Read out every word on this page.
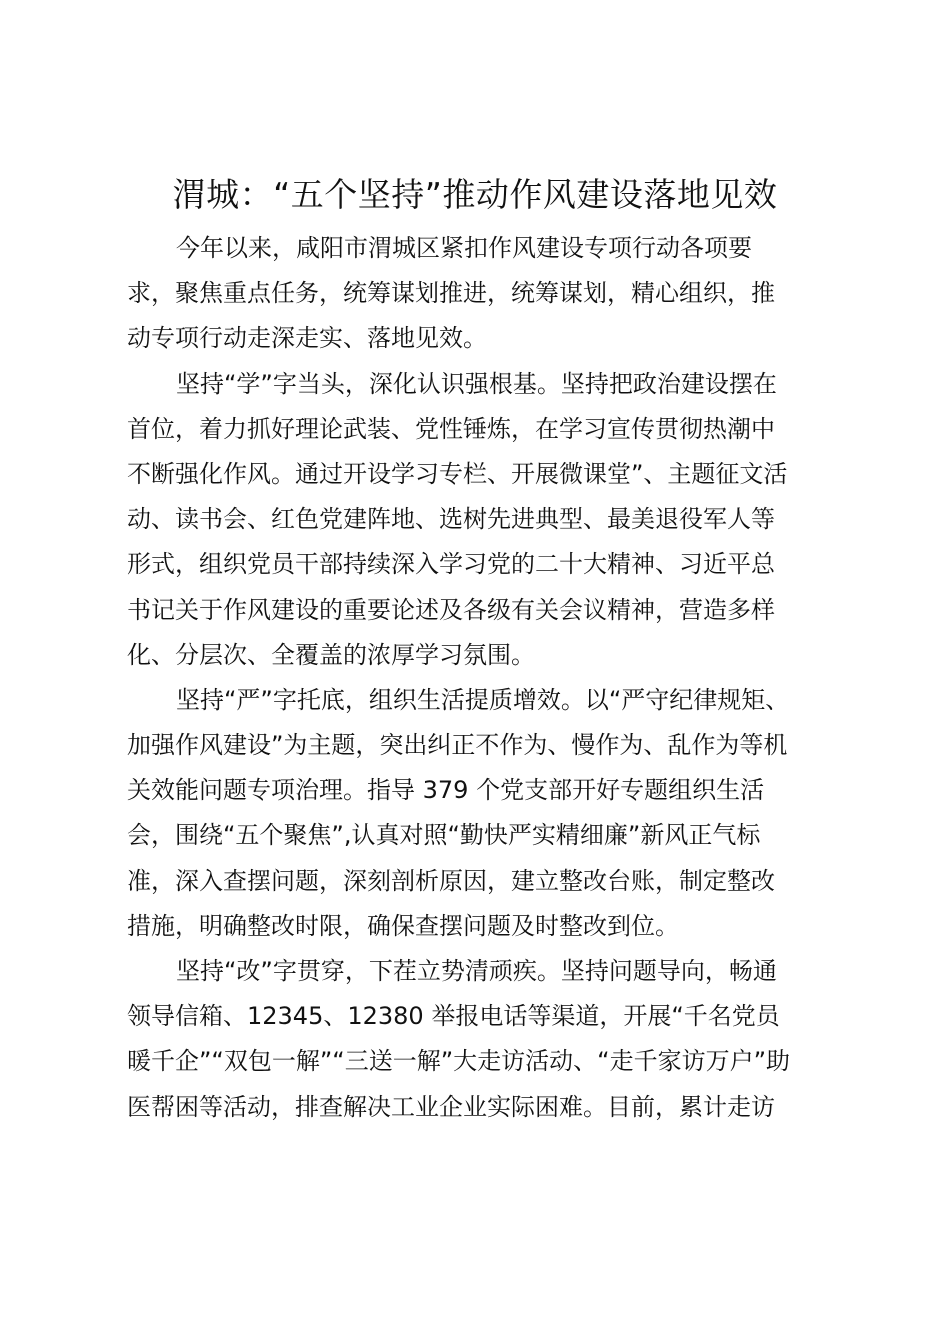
渭城：“五个坚持”推动作风建设落地见效

今年以来，咸阳市渭城区紧扣作风建设专项行动各项要
求，聚焦重点任务，统筹谋划推进，统筹谋划，精心组织，推
动专项行动走深走实、落地见效。

坚持“学”字当头，深化认识强根基。坚持把政治建设摆在
首位，着力抓好理论武装、党性锤炼，在学习宣传贯彻热潮中
不断强化作风。通过开设学习专栏、开展微课堂”、主题征文活
动、读书会、红色党建阵地、选树先进典型、最美退役军人等
形式，组织党员干部持续深入学习党的二十大精神、习近平总
书记关于作风建设的重要论述及各级有关会议精神，营造多样
化、分层次、全覆盖的浓厚学习氛围。

坚持“严”字托底，组织生活提质增效。以“严守纪律规矩、
加强作风建设”为主题，突出纠正不作为、慢作为、乱作为等机
关效能问题专项治理。指导 379 个党支部开好专题组织生活
会，围绕“五个聚焦”,认真对照“勤快严实精细廉”新风正气标
准，深入查摆问题，深刻剖析原因，建立整改台账，制定整改
措施，明确整改时限，确保查摆问题及时整改到位。

坚持“改”字贯穿，下茬立势清顽疾。坚持问题导向，畅通
领导信箱、12345、12380 举报电话等渠道，开展“千名党员
暖千企”“双包一解”“三送一解”大走访活动、“走千家访万户”助
医帮困等活动，排查解决工业企业实际困难。目前，累计走访
